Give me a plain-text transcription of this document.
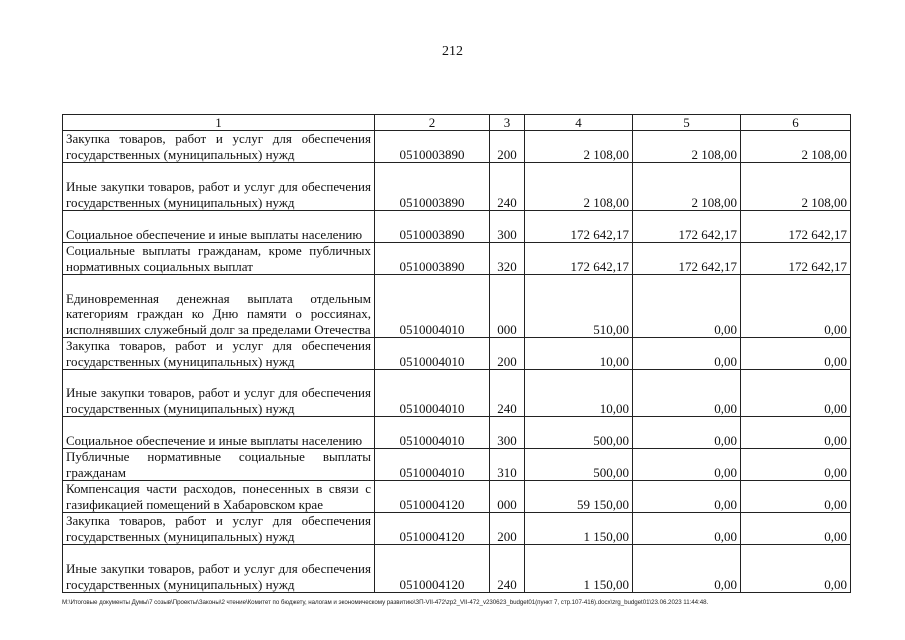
212
1	2	3	4	5	6
Закупка товаров, работ и услуг для обеспечения государственных (муниципальных) нужд	0510003890	200	2 108,00	2 108,00	2 108,00
Иные закупки товаров, работ и услуг для обеспечения государственных (муниципальных) нужд	0510003890	240	2 108,00	2 108,00	2 108,00
Социальное обеспечение и иные выплаты населению	0510003890	300	172 642,17	172 642,17	172 642,17
Социальные выплаты гражданам, кроме публичных нормативных социальных выплат	0510003890	320	172 642,17	172 642,17	172 642,17
Единовременная денежная выплата отдельным категориям граждан ко Дню памяти о россиянах, исполнявших служебный долг за пределами Отечества	0510004010	000	510,00	0,00	0,00
Закупка товаров, работ и услуг для обеспечения государственных (муниципальных) нужд	0510004010	200	10,00	0,00	0,00
Иные закупки товаров, работ и услуг для обеспечения государственных (муниципальных) нужд	0510004010	240	10,00	0,00	0,00
Социальное обеспечение и иные выплаты населению	0510004010	300	500,00	0,00	0,00
Публичные нормативные социальные выплаты гражданам	0510004010	310	500,00	0,00	0,00
Компенсация части расходов, понесенных в связи с газификацией помещений в Хабаровском крае	0510004120	000	59 150,00	0,00	0,00
Закупка товаров, работ и услуг для обеспечения государственных (муниципальных) нужд	0510004120	200	1 150,00	0,00	0,00
Иные закупки товаров, работ и услуг для обеспечения государственных (муниципальных) нужд	0510004120	240	1 150,00	0,00	0,00
M:\Итоговые документы Думы\7 созыв\Проекты\Законы\2 чтение\Комитет по бюджету, налогам и экономическому развитию\ЗП-VII-472\zp2_VII-472_v230623_budget01(пункт 7, стр.107-416).docx\zrg_budget01\23.06.2023 11:44:48.
